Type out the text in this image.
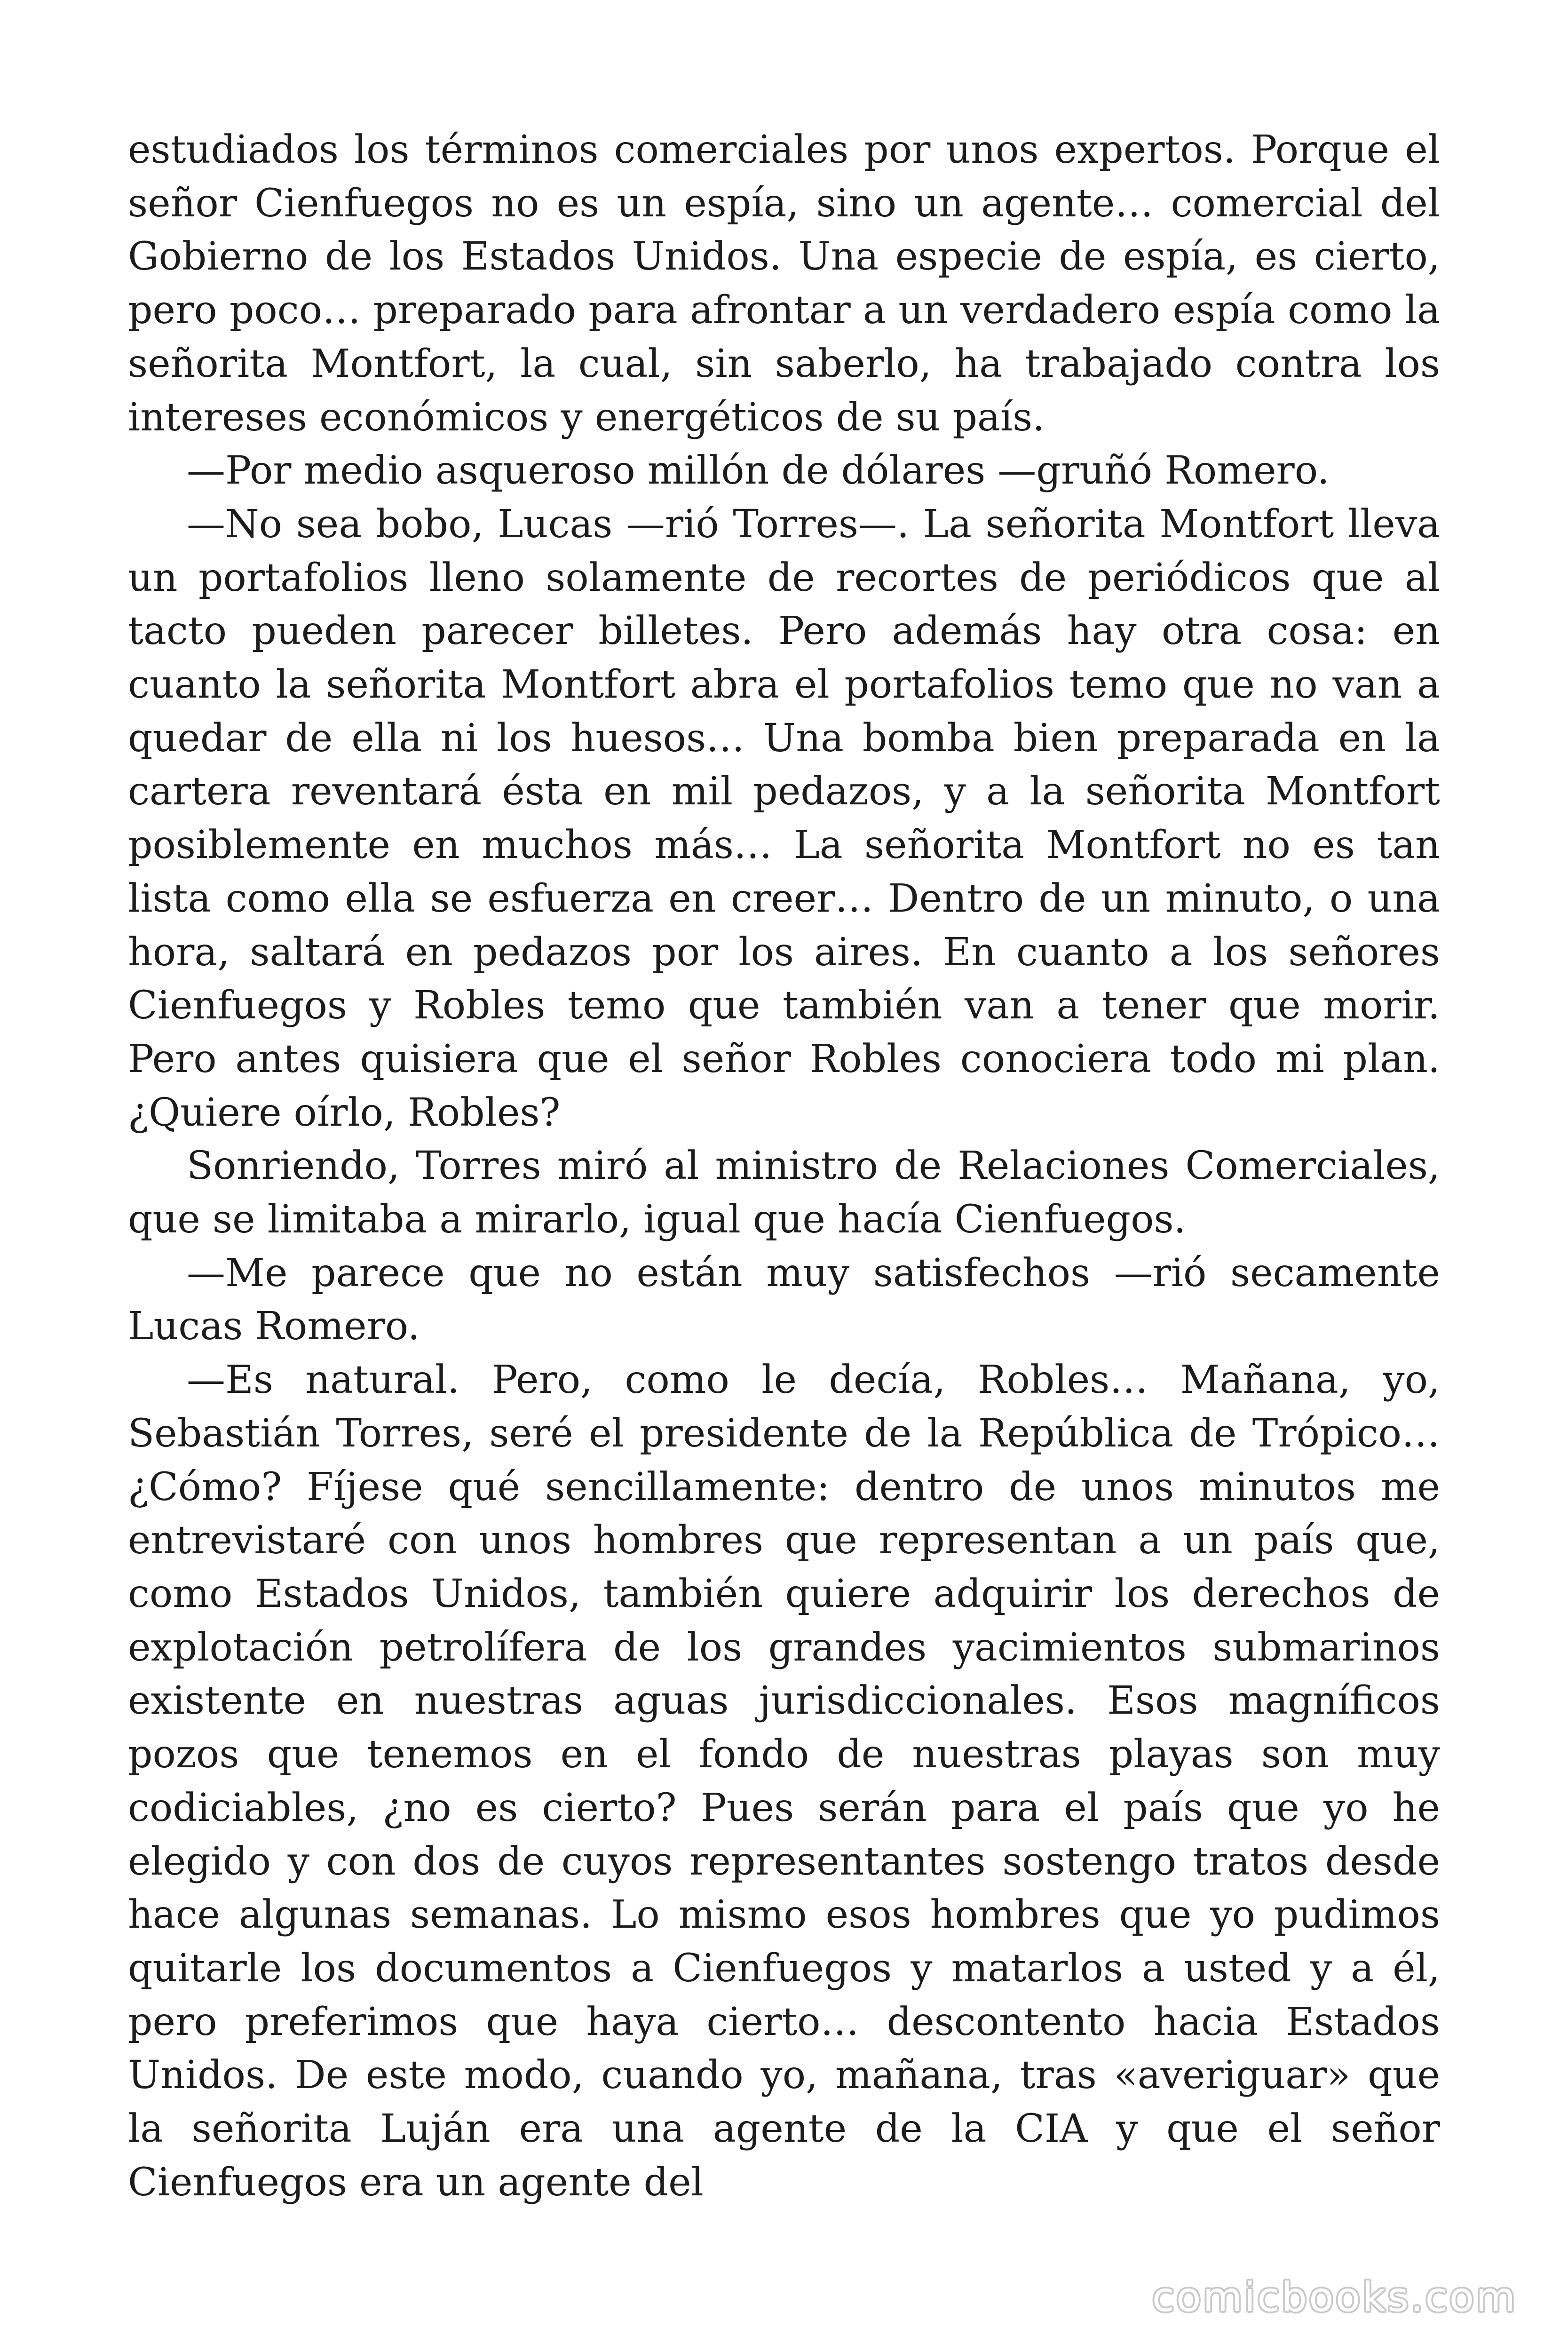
estudiados los términos comerciales por unos expertos. Porque el señor Cienfuegos no es un espía, sino un agente… comercial del Gobierno de los Estados Unidos. Una especie de espía, es cierto, pero poco… preparado para afrontar a un verdadero espía como la señorita Montfort, la cual, sin saberlo, ha trabajado contra los intereses económicos y energéticos de su país.

—Por medio asqueroso millón de dólares —gruñó Romero.

—No sea bobo, Lucas —rió Torres—. La señorita Montfort lleva un portafolios lleno solamente de recortes de periódicos que al tacto pueden parecer billetes. Pero además hay otra cosa: en cuanto la señorita Montfort abra el portafolios temo que no van a quedar de ella ni los huesos… Una bomba bien preparada en la cartera reventará ésta en mil pedazos, y a la señorita Montfort posiblemente en muchos más… La señorita Montfort no es tan lista como ella se esfuerza en creer… Dentro de un minuto, o una hora, saltará en pedazos por los aires. En cuanto a los señores Cienfuegos y Robles temo que también van a tener que morir. Pero antes quisiera que el señor Robles conociera todo mi plan. ¿Quiere oírlo, Robles?

Sonriendo, Torres miró al ministro de Relaciones Comerciales, que se limitaba a mirarlo, igual que hacía Cienfuegos.

—Me parece que no están muy satisfechos —rió secamente Lucas Romero.

—Es natural. Pero, como le decía, Robles… Mañana, yo, Sebastián Torres, seré el presidente de la República de Trópico… ¿Cómo? Fíjese qué sencillamente: dentro de unos minutos me entrevistaré con unos hombres que representan a un país que, como Estados Unidos, también quiere adquirir los derechos de explotación petrolífera de los grandes yacimientos submarinos existente en nuestras aguas jurisdiccionales. Esos magníficos pozos que tenemos en el fondo de nuestras playas son muy codiciables, ¿no es cierto? Pues serán para el país que yo he elegido y con dos de cuyos representantes sostengo tratos desde hace algunas semanas. Lo mismo esos hombres que yo pudimos quitarle los documentos a Cienfuegos y matarlos a usted y a él, pero preferimos que haya cierto… descontento hacia Estados Unidos. De este modo, cuando yo, mañana, tras «averiguar» que la señorita Luján era una agente de la CIA y que el señor Cienfuegos era un agente del

comicbooks.com
